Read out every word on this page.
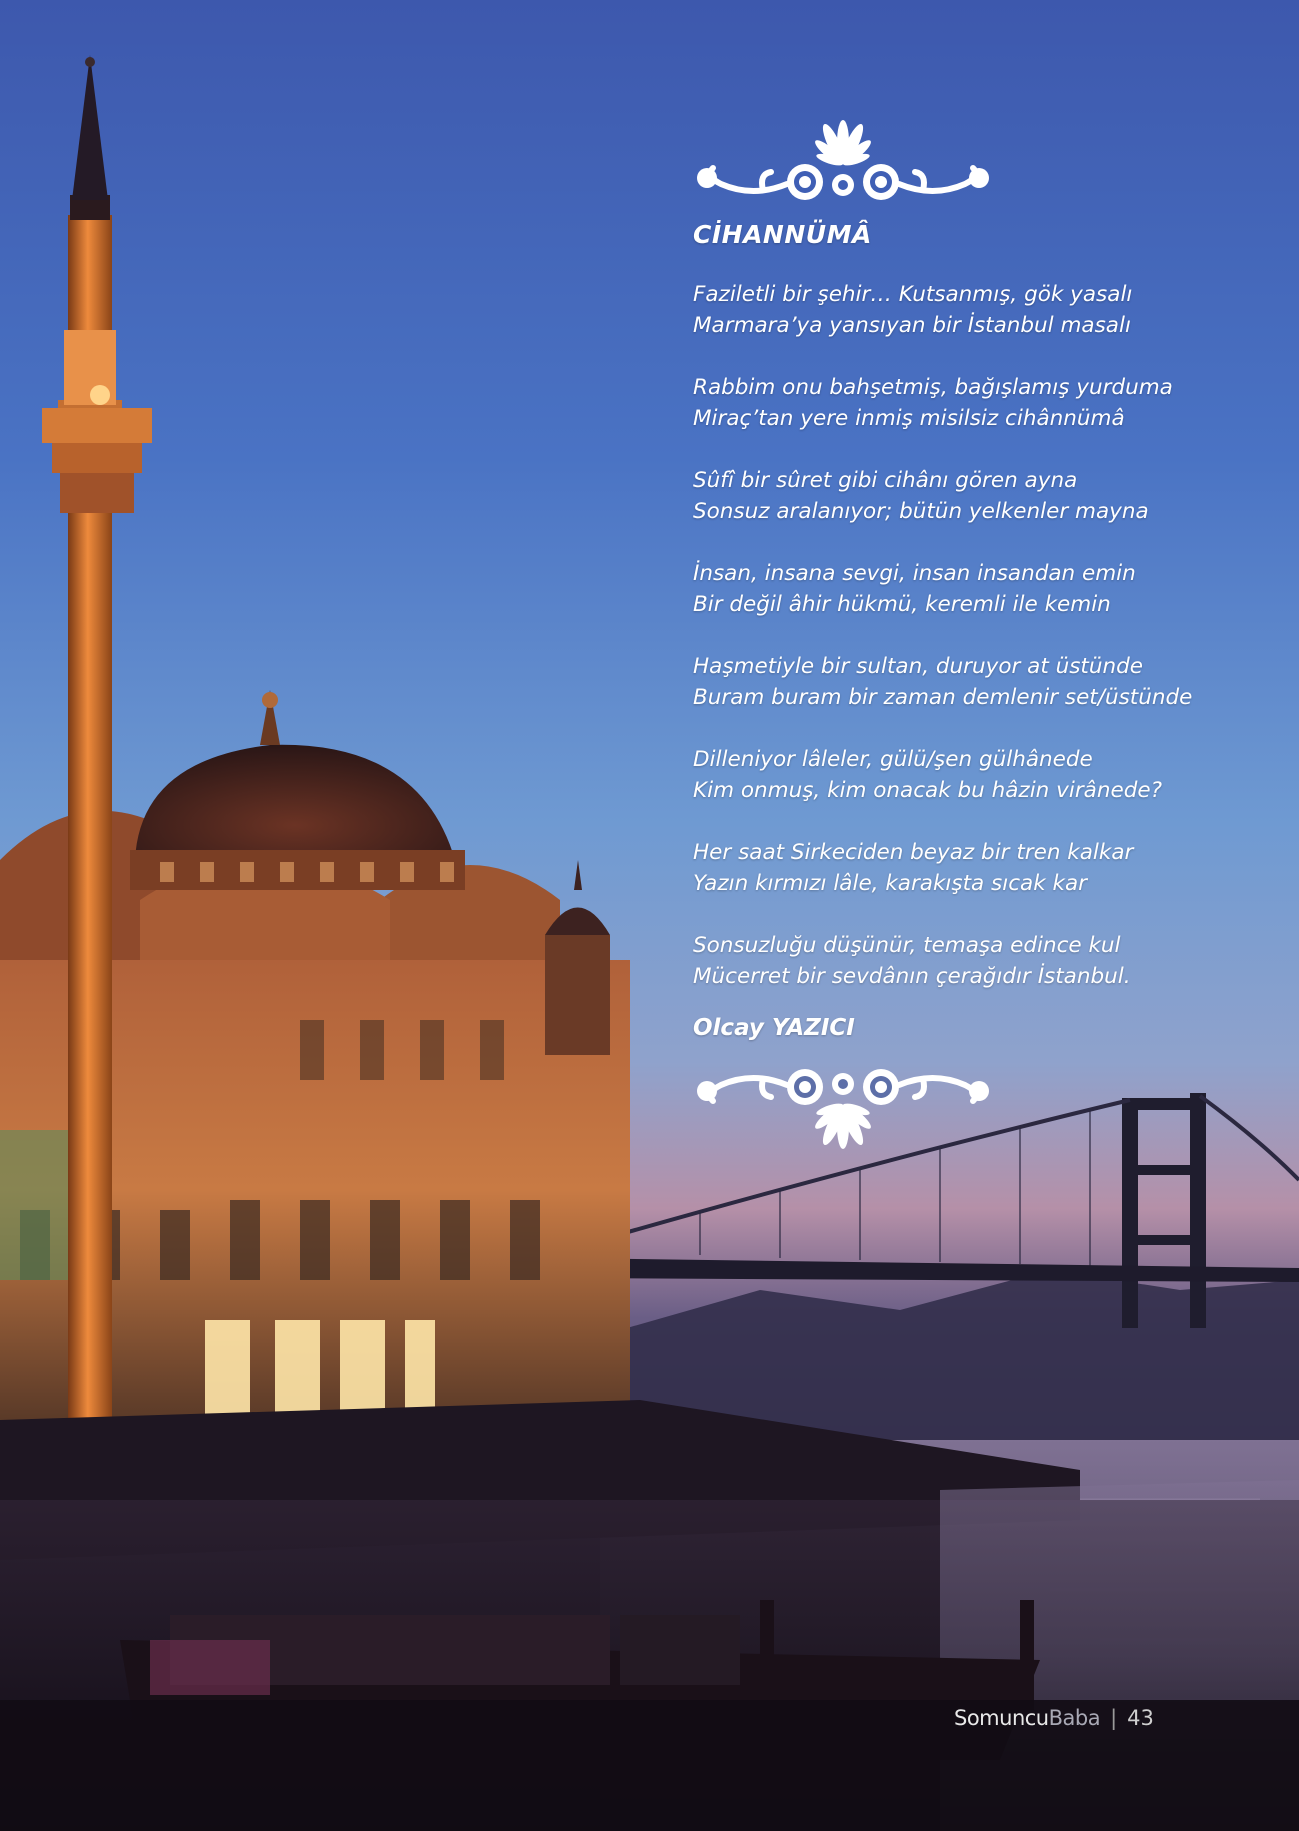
CİHANNÜMÂ
Faziletli bir şehir… Kutsanmış, gök yasalı
Marmara’ya yansıyan bir İstanbul masalı
Rabbim onu bahşetmiş, bağışlamış yurduma
Miraç’tan yere inmiş misilsiz cihânnümâ
Sûfî bir sûret gibi cihânı gören ayna
Sonsuz aralanıyor; bütün yelkenler mayna
İnsan, insana sevgi, insan insandan emin
Bir değil âhir hükmü, keremli ile kemin
Haşmetiyle bir sultan, duruyor at üstünde
Buram buram bir zaman demlenir set/üstünde
Dilleniyor lâleler, gülü/şen gülhânede
Kim onmuş, kim onacak bu hâzin virânede?
Her saat Sirkeciden beyaz bir tren kalkar
Yazın kırmızı lâle, karakışta sıcak kar
Sonsuzluğu düşünür, temaşa edince kul
Mücerret bir sevdânın çerağıdır İstanbul.
Olcay YAZICI
Somuncu Baba | 43
